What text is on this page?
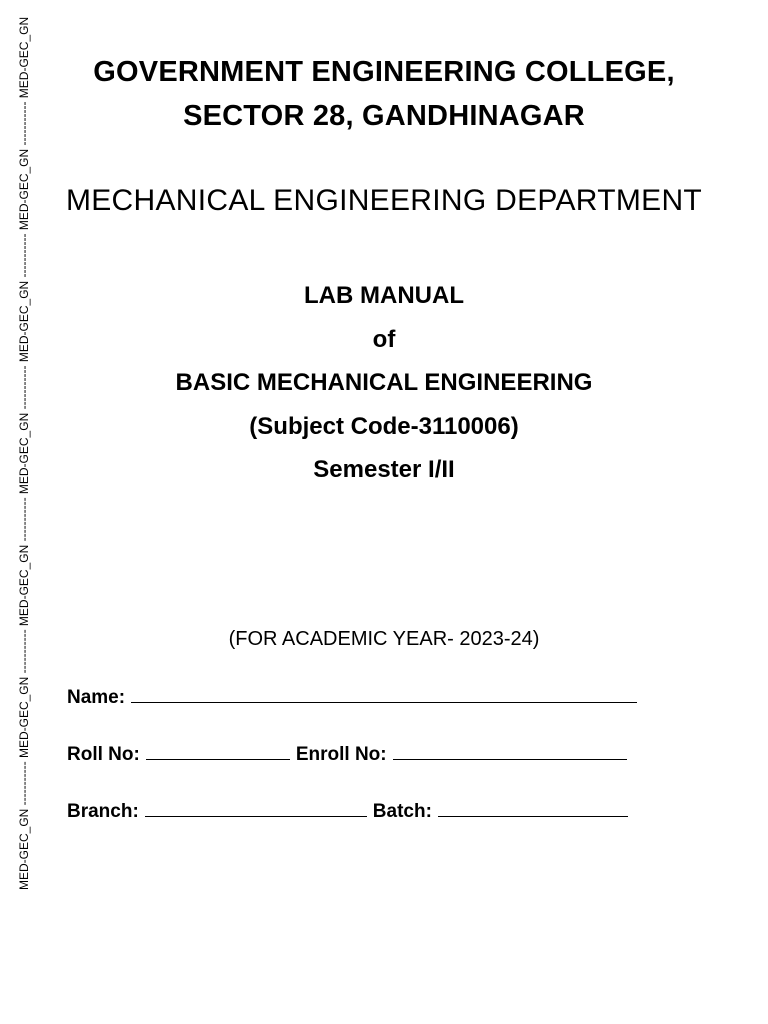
MED-GEC_GN ----------- MED-GEC_GN ----------- MED-GEC_GN ----------- MED-GEC_GN ----------- MED-GEC_GN ----------- MED-GEC_GN ----------- MED-GEC_GN	GOVERNMENT ENGINEERING COLLEGE,
SECTOR 28, GANDHINAGAR
MECHANICAL ENGINEERING DEPARTMENT
LAB MANUAL
of
BASIC MECHANICAL ENGINEERING
(Subject Code-3110006)
Semester I/II
(FOR ACADEMIC YEAR- 2023-24)
Name:
Roll No:	Enroll No:
Branch:	Batch:
